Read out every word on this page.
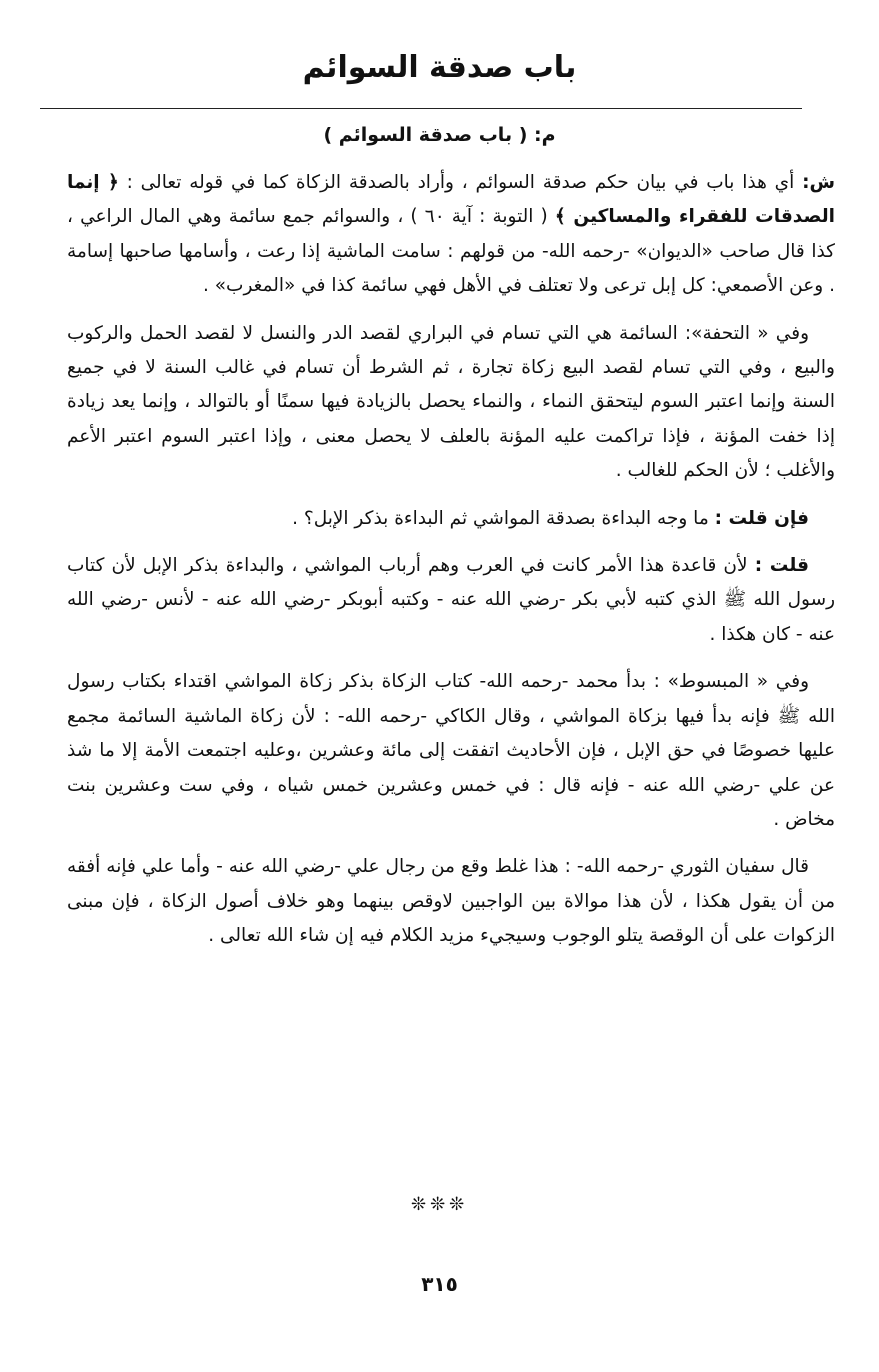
باب صدقة السوائم
م: ( باب صدقة السوائم )

ش: أي هذا باب في بيان حكم صدقة السوائم ، وأراد بالصدقة الزكاة كما في قوله تعالى : ﴿ إنما الصدقات للفقراء والمساكين ﴾ ( التوبة : آية ٦٠ ) ، والسوائم جمع سائمة وهي المال الراعي ، كذا قال صاحب «الديوان» -رحمه الله- من قولهم : سامت الماشية إذا رعت ، وأسامها صاحبها إسامة . وعن الأصمعي: كل إبل ترعى ولا تعتلف في الأهل فهي سائمة كذا في «المغرب» .

وفي « التحفة»: السائمة هي التي تسام في البراري لقصد الدر والنسل لا لقصد الحمل والركوب والبيع ، وفي التي تسام لقصد البيع زكاة تجارة ، ثم الشرط أن تسام في غالب السنة لا في جميع السنة وإنما اعتبر السوم ليتحقق النماء ، والنماء يحصل بالزيادة فيها سمنًا أو بالتوالد ، وإنما يعد زيادة إذا خفت المؤنة ، فإذا تراكمت عليه المؤنة بالعلف لا يحصل معنى ، وإذا اعتبر السوم اعتبر الأعم والأغلب ؛ لأن الحكم للغالب .

فإن قلت : ما وجه البداءة بصدقة المواشي ثم البداءة بذكر الإبل؟ .

قلت : لأن قاعدة هذا الأمر كانت في العرب وهم أرباب المواشي ، والبداءة بذكر الإبل لأن كتاب رسول الله ﷺ الذي كتبه لأبي بكر -رضي الله عنه - وكتبه أبوبكر -رضي الله عنه - لأنس -رضي الله عنه - كان هكذا .

وفي « المبسوط» : بدأ محمد -رحمه الله- كتاب الزكاة بذكر زكاة المواشي اقتداء بكتاب رسول الله ﷺ فإنه بدأ فيها بزكاة المواشي ، وقال الكاكي -رحمه الله- : لأن زكاة الماشية السائمة مجمع عليها خصوصًا في حق الإبل ، فإن الأحاديث اتفقت إلى مائة وعشرين ،وعليه اجتمعت الأمة إلا ما شذ عن علي -رضي الله عنه - فإنه قال : في خمس وعشرين خمس شياه ، وفي ست وعشرين بنت مخاض .

قال سفيان الثوري -رحمه الله- : هذا غلط وقع من رجال علي -رضي الله عنه - وأما علي فإنه أفقه من أن يقول هكذا ، لأن هذا موالاة بين الواجبين لاوقص بينهما وهو خلاف أصول الزكاة ، فإن مبنى الزكوات على أن الوقصة يتلو الوجوب وسيجيء مزيد الكلام فيه إن شاء الله تعالى .

❊❊❊
٣١٥
